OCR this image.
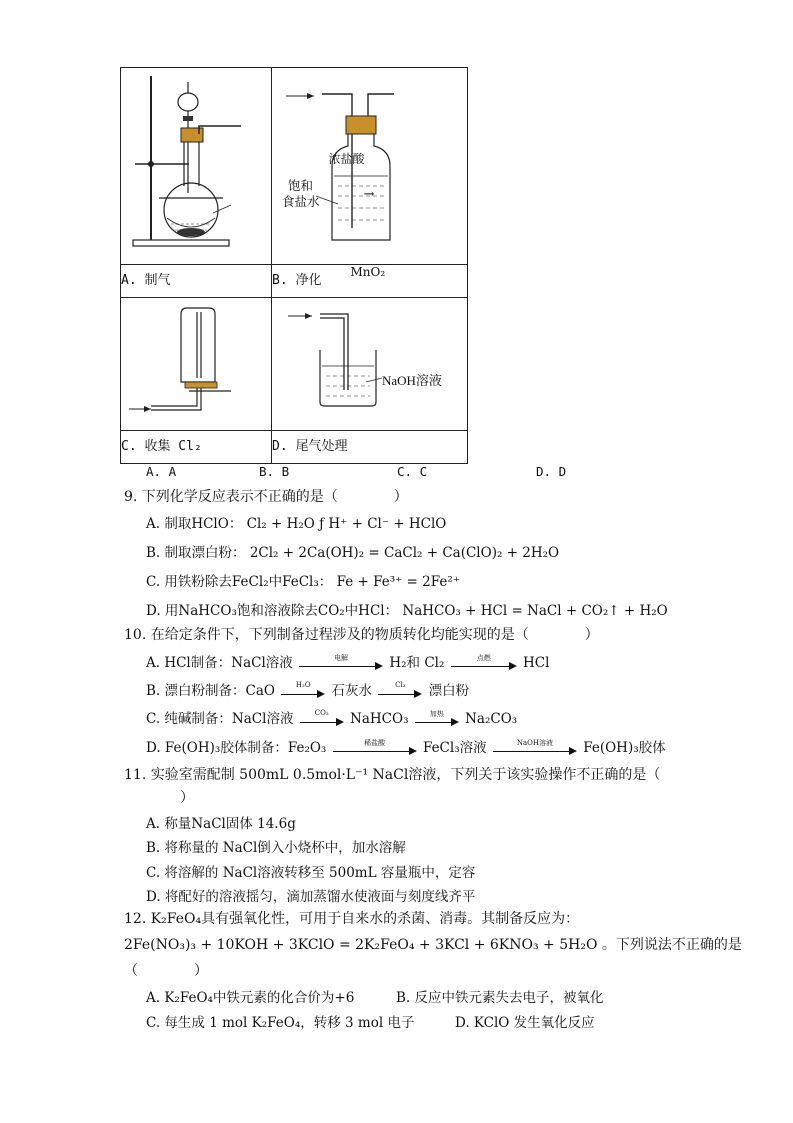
浓盐酸
MnO₂
→	饱和
食盐水

A. 制气	B. 净化

NaOH溶液

C. 收集 Cl₂	D. 尾气处理
A. A	B. B	C. C	D. D
9. 下列化学反应表示不正确的是（　　　　）
A. 制取HClO： Cl₂ + H₂O ƒ H⁺ + Cl⁻ + HClO
B. 制取漂白粉： 2Cl₂ + 2Ca(OH)₂ = CaCl₂ + Ca(ClO)₂ + 2H₂O
C. 用铁粉除去FeCl₂中FeCl₃： Fe + Fe³⁺ = 2Fe²⁺
D. 用NaHCO₃饱和溶液除去CO₂中HCl： NaHCO₃ + HCl = NaCl + CO₂↑ + H₂O
10. 在给定条件下，下列制备过程涉及的物质转化均能实现的是（　　　　）
A. HCl制备：NaCl溶液	电解	H₂和 Cl₂	点燃	HCl
B. 漂白粉制备：CaO	H₂O	石灰水	Cl₂	漂白粉
C. 纯碱制备：NaCl溶液	CO₂	NaHCO₃	加热	Na₂CO₃
D. Fe(OH)₃胶体制备：Fe₂O₃	稀盐酸	FeCl₃溶液	NaOH溶液	Fe(OH)₃胶体
11. 实验室需配制 500mL 0.5mol·L⁻¹ NaCl溶液，下列关于该实验操作不正确的是（
）
A. 称量NaCl固体 14.6g
B. 将称量的 NaCl倒入小烧杯中，加水溶解
C. 将溶解的 NaCl溶液转移至 500mL 容量瓶中，定容
D. 将配好的溶液摇匀，滴加蒸馏水使液面与刻度线齐平
12. K₂FeO₄具有强氧化性，可用于自来水的杀菌、消毒。其制备反应为：
2Fe(NO₃)₃ + 10KOH + 3KClO = 2K₂FeO₄ + 3KCl + 6KNO₃ + 5H₂O 。下列说法不正确的是
（　　　　）
A. K₂FeO₄中铁元素的化合价为+6	B. 反应中铁元素失去电子，被氧化
C. 每生成 1 mol K₂FeO₄，转移 3 mol 电子	D. KClO 发生氧化反应
